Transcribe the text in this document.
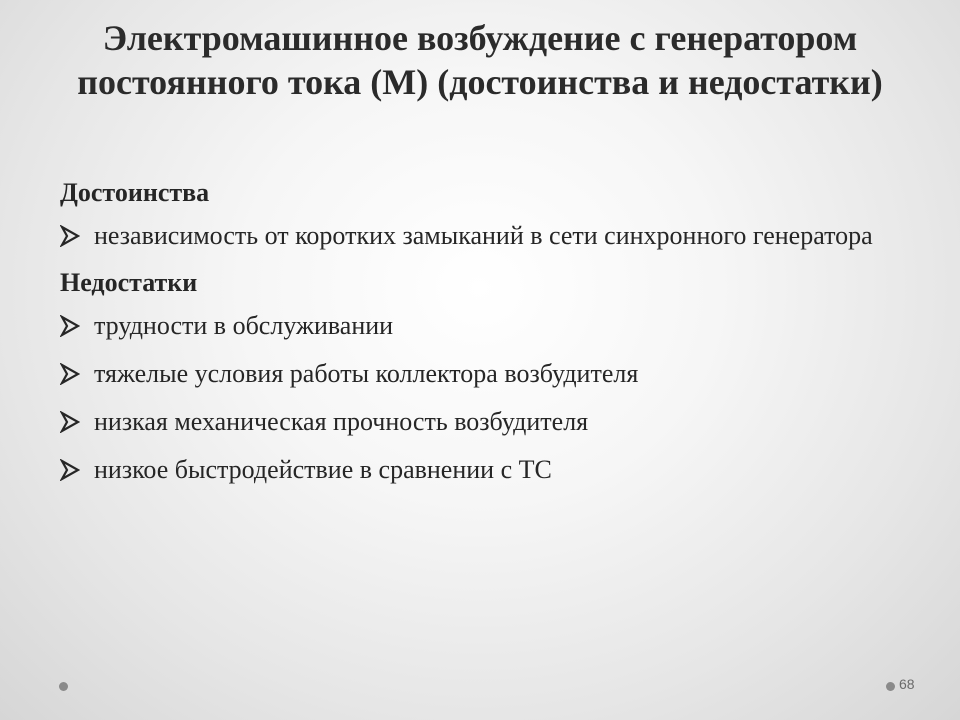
Электромашинное возбуждение с генератором постоянного тока (М) (достоинства и недостатки)
Достоинства
независимость от коротких замыканий в сети синхронного генератора
Недостатки
трудности в обслуживании
тяжелые условия работы коллектора возбудителя
низкая механическая прочность возбудителя
низкое быстродействие в сравнении с ТС
68
